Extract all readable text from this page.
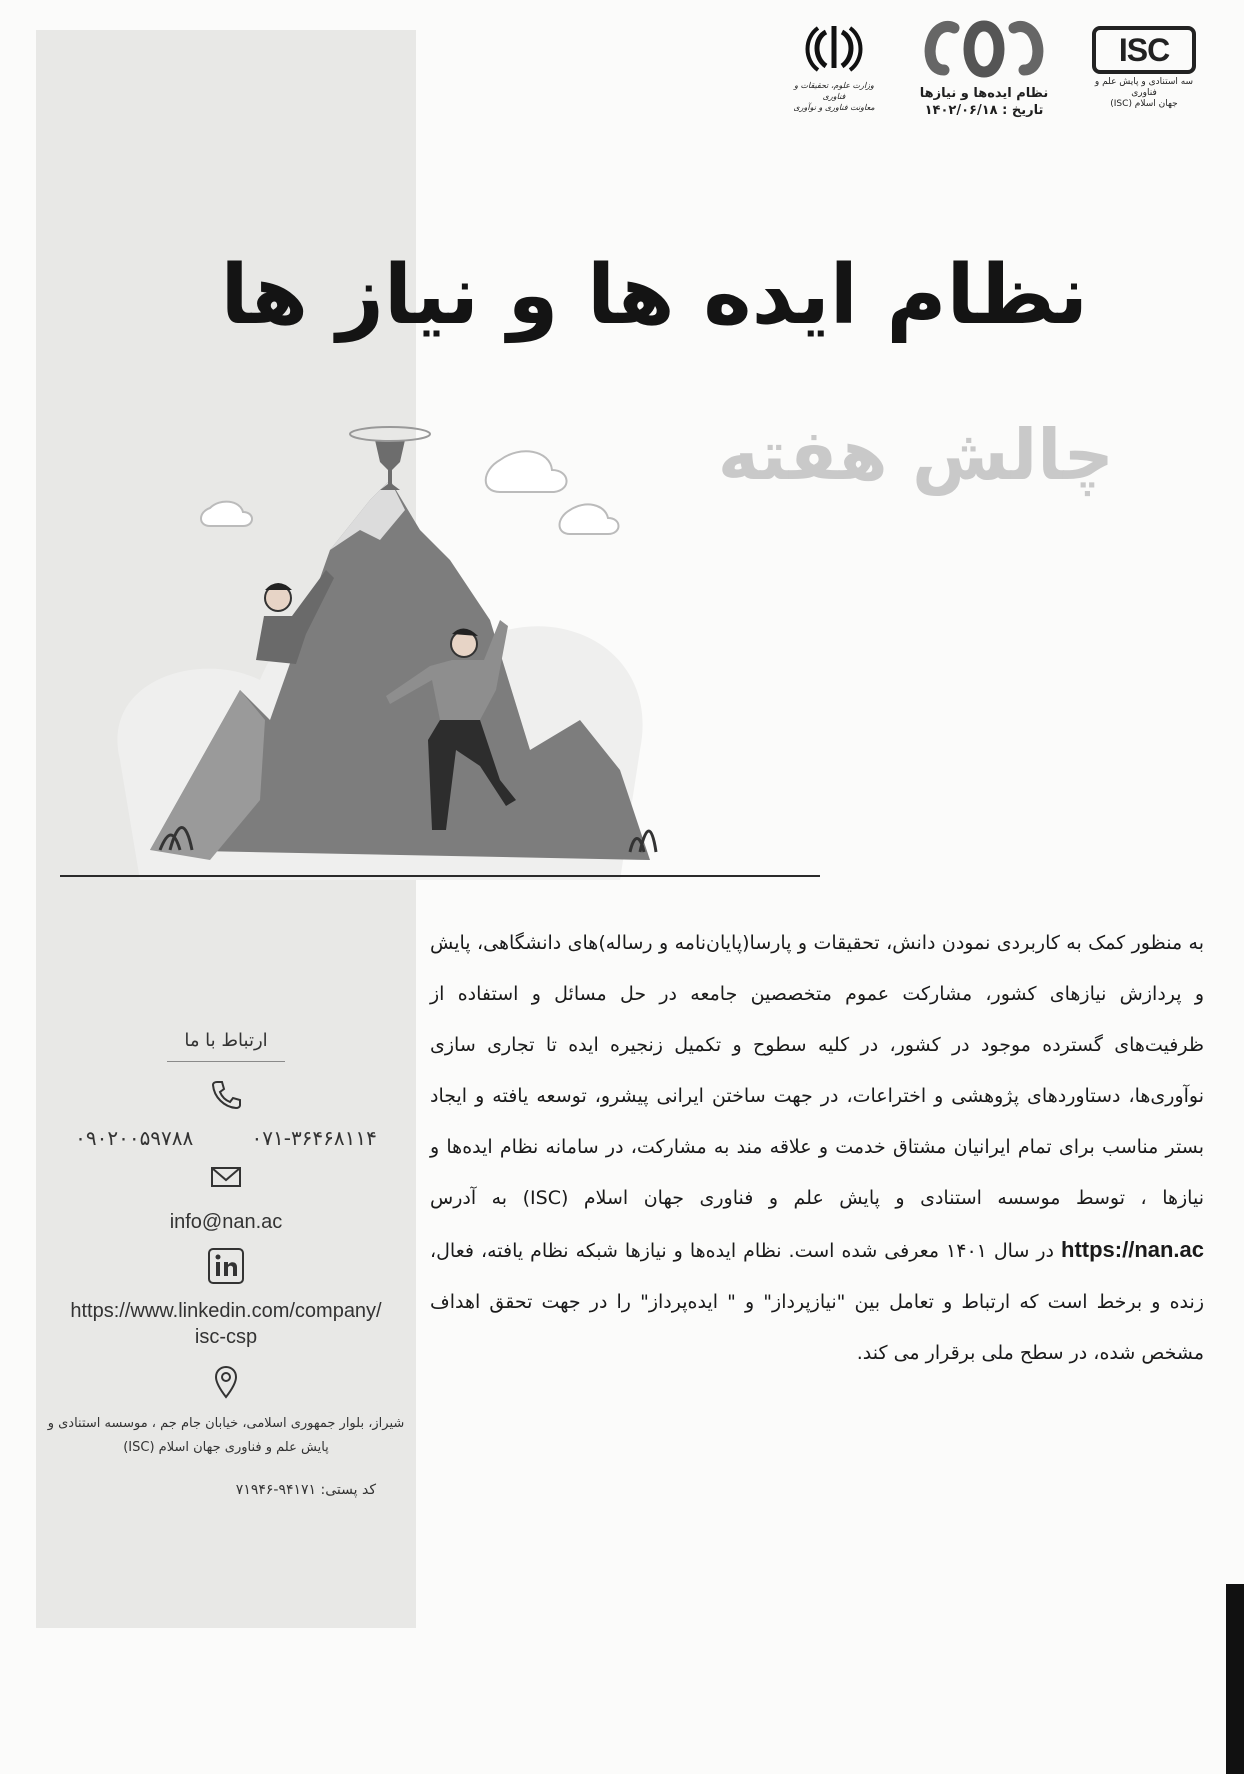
ISC
سه استنادی و پایش علم و فناوری
جهان اسلام (ISC)
نظام ایده‌ها و نیازها
تاریخ : ۱۴۰۲/۰۶/۱۸
وزارت علوم، تحقیقات و فناوری
معاونت فناوری و نوآوری
نظام ایده ها و نیاز ها
چالش هفته

به منظور کمک به کاربردی نمودن دانش، تحقیقات و پارسا(پایان‌نامه و رساله)های دانشگاهی، پایش و پردازش نیازهای کشور، مشارکت عموم متخصصین جامعه در حل مسائل و استفاده از ظرفیت‌های گسترده موجود در کشور، در کلیه سطوح و تکمیل زنجیره ایده تا تجاری سازی نوآوری‌ها، دستاوردهای پژوهشی و اختراعات، در جهت ساختن ایرانی پیشرو، توسعه یافته و ایجاد بستر مناسب برای تمام ایرانیان مشتاق خدمت و علاقه مند به مشارکت، در سامانه نظام ایده‌ها و نیازها ، توسط موسسه استنادی و پایش علم و فناوری جهان اسلام (ISC) به آدرس https://nan.ac در سال ۱۴۰۱ معرفی شده است. نظام ایده‌ها و نیازها شبکه نظام یافته، فعال، زنده و برخط است که ارتباط و تعامل بین "نیازپرداز" و " ایده‌پرداز" را در جهت تحقق اهداف مشخص شده، در سطح ملی برقرار می کند.

ارتباط با ما
۰۹۰۲۰۰۵۹۷۸۸	۰۷۱-۳۶۴۶۸۱۱۴
info@nan.ac
https://www.linkedin.com/company/
isc-csp
شیراز، بلوار جمهوری اسلامی، خیابان جام جم ، موسسه استنادی و پایش علم و فناوری جهان اسلام (ISC)
کد پستی: ۹۴۱۷۱-۷۱۹۴۶
